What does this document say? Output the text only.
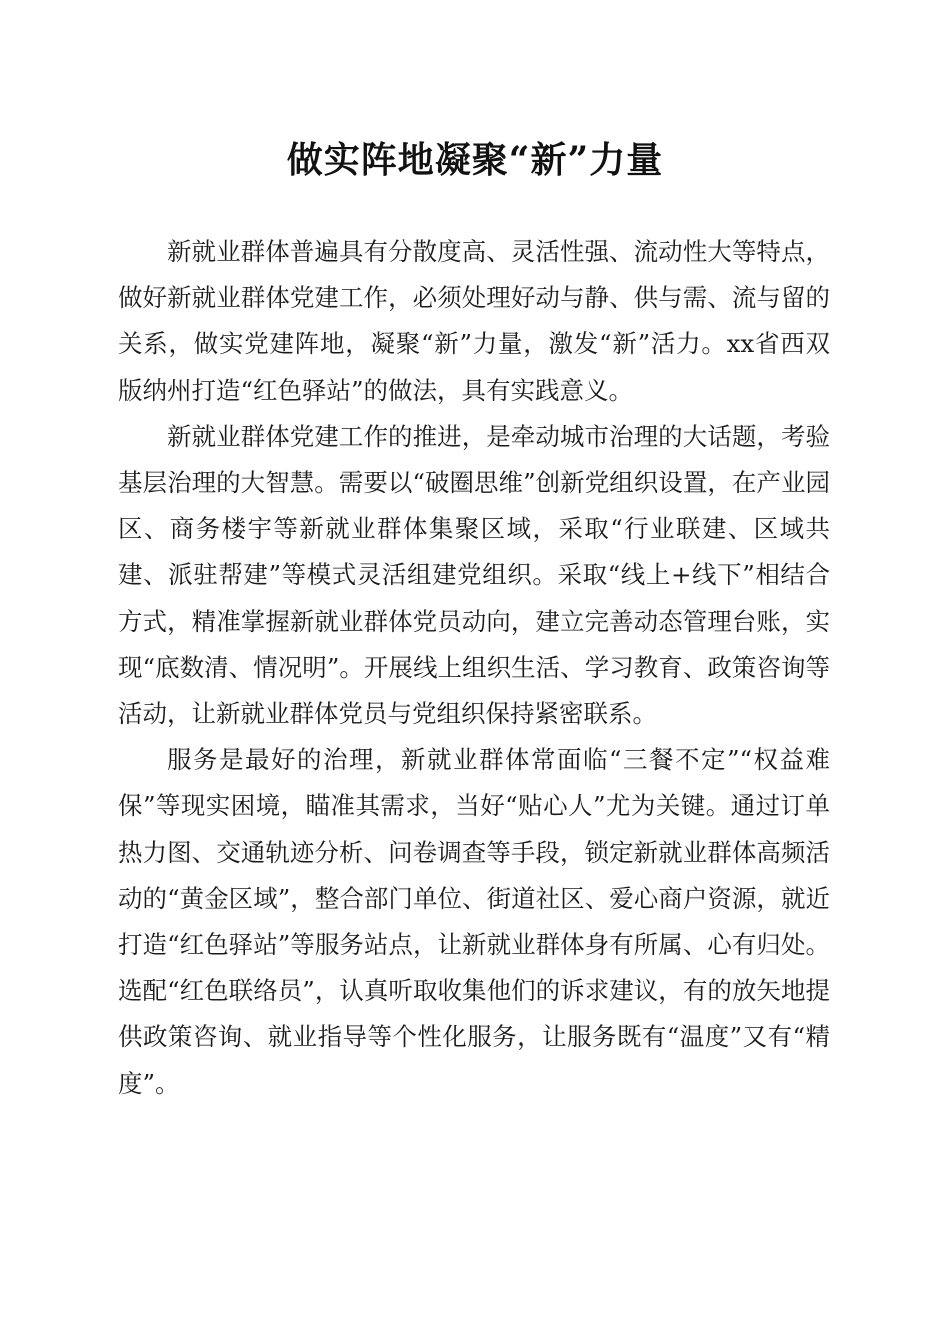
做实阵地凝聚“新”力量

新就业群体普遍具有分散度高、灵活性强、流动性大等特点，做好新就业群体党建工作，必须处理好动与静、供与需、流与留的关系，做实党建阵地，凝聚“新”力量，激发“新”活力。xx省西双版纳州打造“红色驿站”的做法，具有实践意义。

新就业群体党建工作的推进，是牵动城市治理的大话题，考验基层治理的大智慧。需要以“破圈思维”创新党组织设置，在产业园区、商务楼宇等新就业群体集聚区域，采取“行业联建、区域共建、派驻帮建”等模式灵活组建党组织。采取“线上+线下”相结合方式，精准掌握新就业群体党员动向，建立完善动态管理台账，实现“底数清、情况明”。开展线上组织生活、学习教育、政策咨询等活动，让新就业群体党员与党组织保持紧密联系。

服务是最好的治理，新就业群体常面临“三餐不定”“权益难保”等现实困境，瞄准其需求，当好“贴心人”尤为关键。通过订单热力图、交通轨迹分析、问卷调查等手段，锁定新就业群体高频活动的“黄金区域”，整合部门单位、街道社区、爱心商户资源，就近打造“红色驿站”等服务站点，让新就业群体身有所属、心有归处。选配“红色联络员”，认真听取收集他们的诉求建议，有的放矢地提供政策咨询、就业指导等个性化服务，让服务既有“温度”又有“精度”。
